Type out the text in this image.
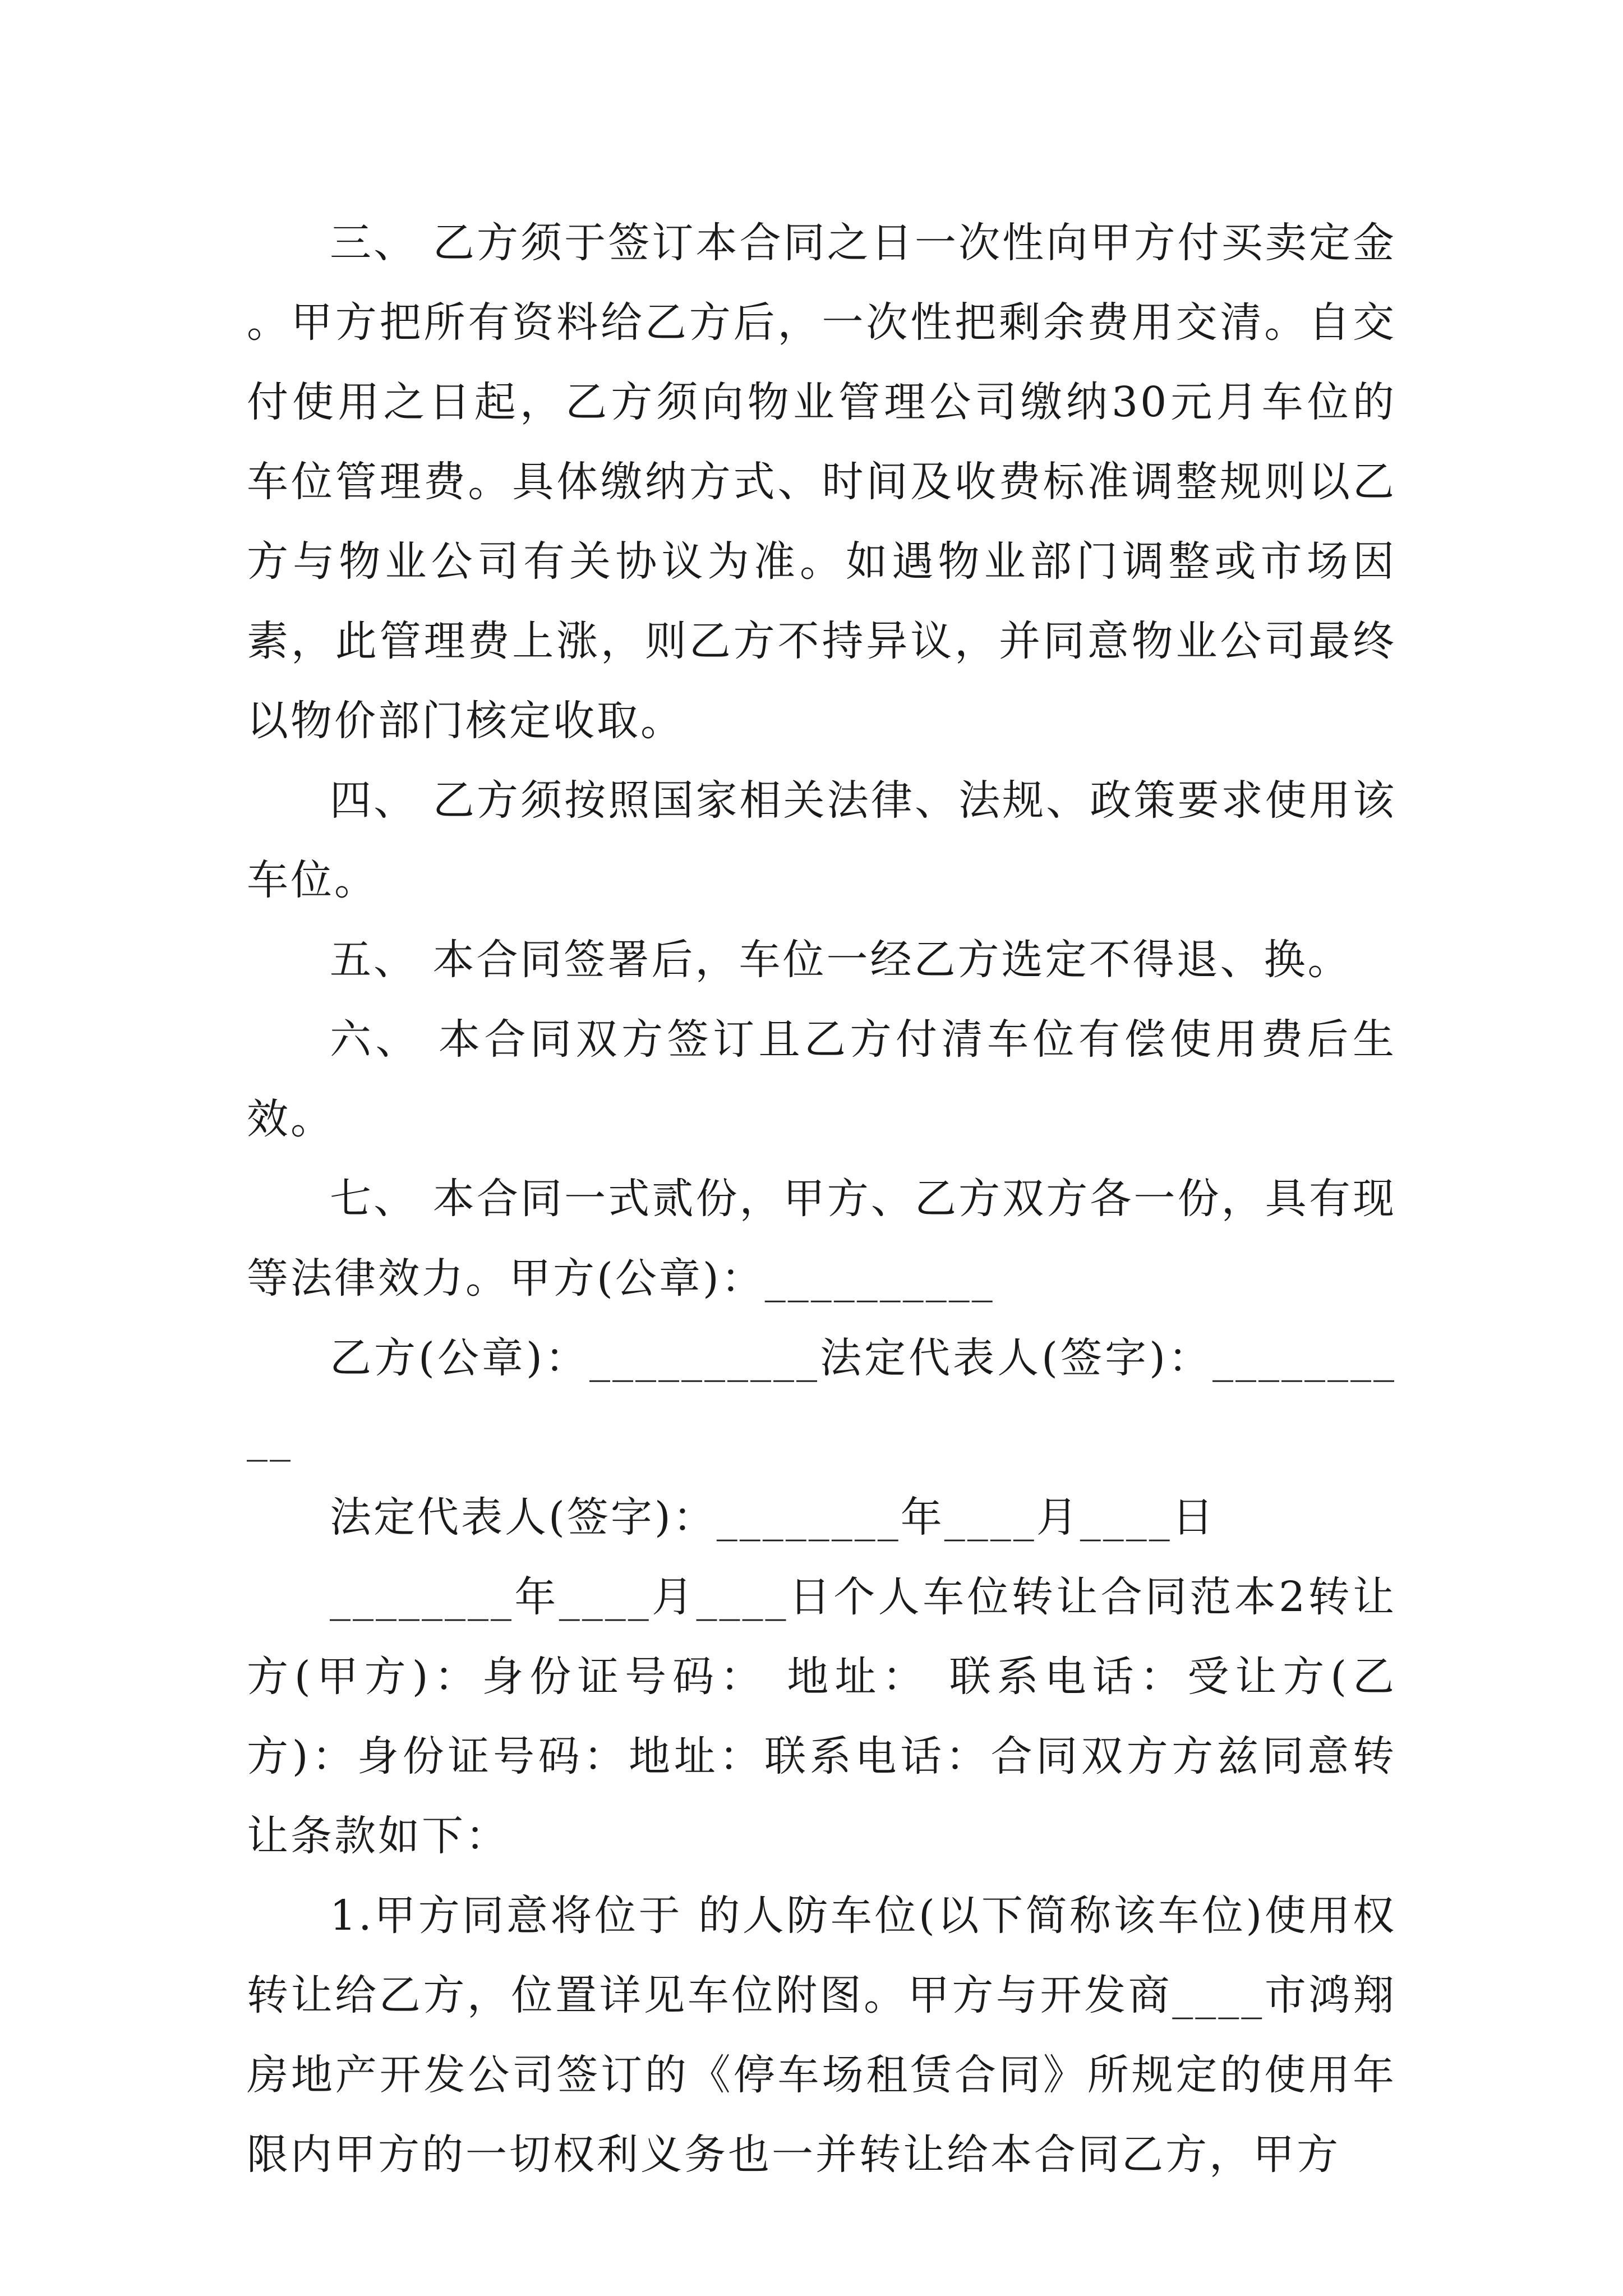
三、 乙方须于签订本合同之日一次性向甲方付买卖定金 。甲方把所有资料给乙方后，一次性把剩余费用交清。自交付使用之日起，乙方须向物业管理公司缴纳30元月车位的车位管理费。具体缴纳方式、时间及收费标准调整规则以乙方与物业公司有关协议为准。如遇物业部门调整或市场因素，此管理费上涨，则乙方不持异议，并同意物业公司最终以物价部门核定收取。

四、 乙方须按照国家相关法律、法规、政策要求使用该车位。

五、 本合同签署后，车位一经乙方选定不得退、换。

六、 本合同双方签订且乙方付清车位有偿使用费后生效。

七、 本合同一式贰份，甲方、乙方双方各一份，具有现等法律效力。甲方(公章)：__________

乙方(公章)：__________法定代表人(签字)：__________

法定代表人(签字)：________年____月____日

________年____月____日个人车位转让合同范本2转让方(甲方)：身份证号码： 地址： 联系电话：受让方(乙方)：身份证号码：地址：联系电话：合同双方方兹同意转让条款如下：

1.甲方同意将位于 的人防车位(以下简称该车位)使用权转让给乙方，位置详见车位附图。甲方与开发商____市鸿翔房地产开发公司签订的《停车场租赁合同》所规定的使用年限内甲方的一切权利义务也一并转让给本合同乙方，甲方
